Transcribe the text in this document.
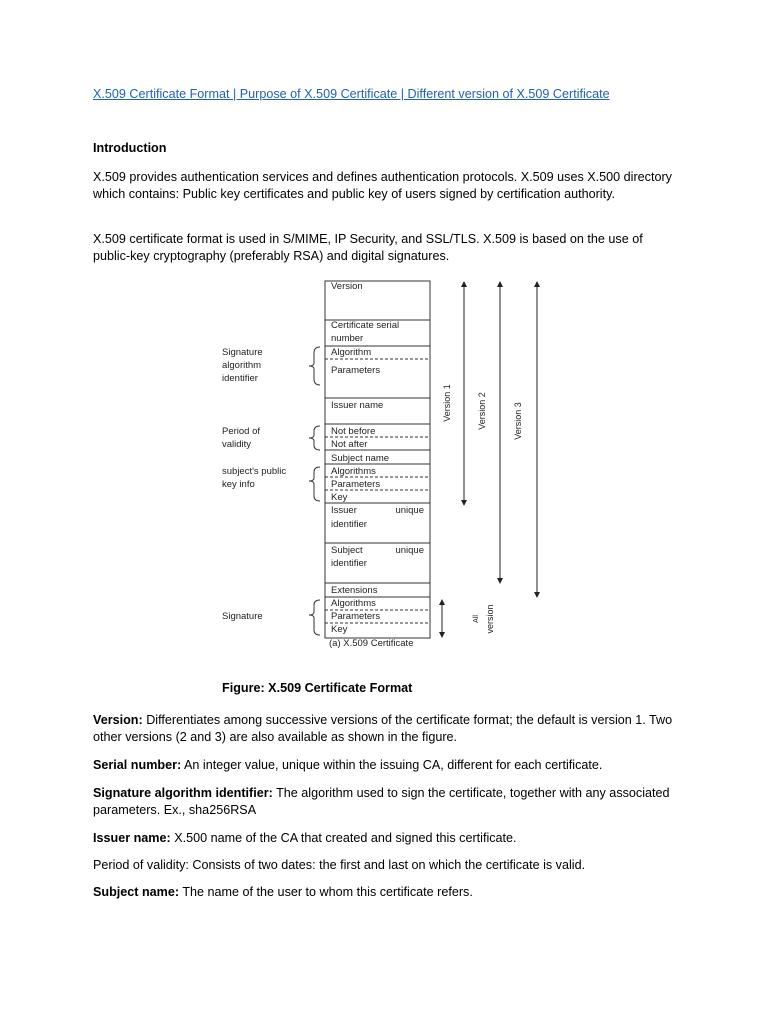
X.509 Certificate Format | Purpose of X.509 Certificate | Different version of X.509 Certificate
Introduction

X.509 provides authentication services and defines authentication protocols. X.509 uses X.500 directory which contains: Public key certificates and public key of users signed by certification authority.

X.509 certificate format is used in S/MIME, IP Security, and SSL/TLS. X.509 is based on the use of public-key cryptography (preferably RSA) and digital signatures.

Version
Certificate serial
number
Algorithm
Parameters
Issuer name
Not before
Not after
Subject name
Algorithms
Parameters
Key
Issuer	unique
identifier
Subject	unique
identifier
Extensions
Algorithms
Parameters
Key
Signature
algorithm
identifier
Period of
validity
subject's public
key info
Signature
Version 1	Version 2	Version 3
All version
(a) X.509 Certificate
Figure: X.509 Certificate Format

Version: Differentiates among successive versions of the certificate format; the default is version 1. Two other versions (2 and 3) are also available as shown in the figure.

Serial number: An integer value, unique within the issuing CA, different for each certificate.

Signature algorithm identifier: The algorithm used to sign the certificate, together with any associated parameters. Ex., sha256RSA

Issuer name: X.500 name of the CA that created and signed this certificate.

Period of validity: Consists of two dates: the first and last on which the certificate is valid.

Subject name: The name of the user to whom this certificate refers.
